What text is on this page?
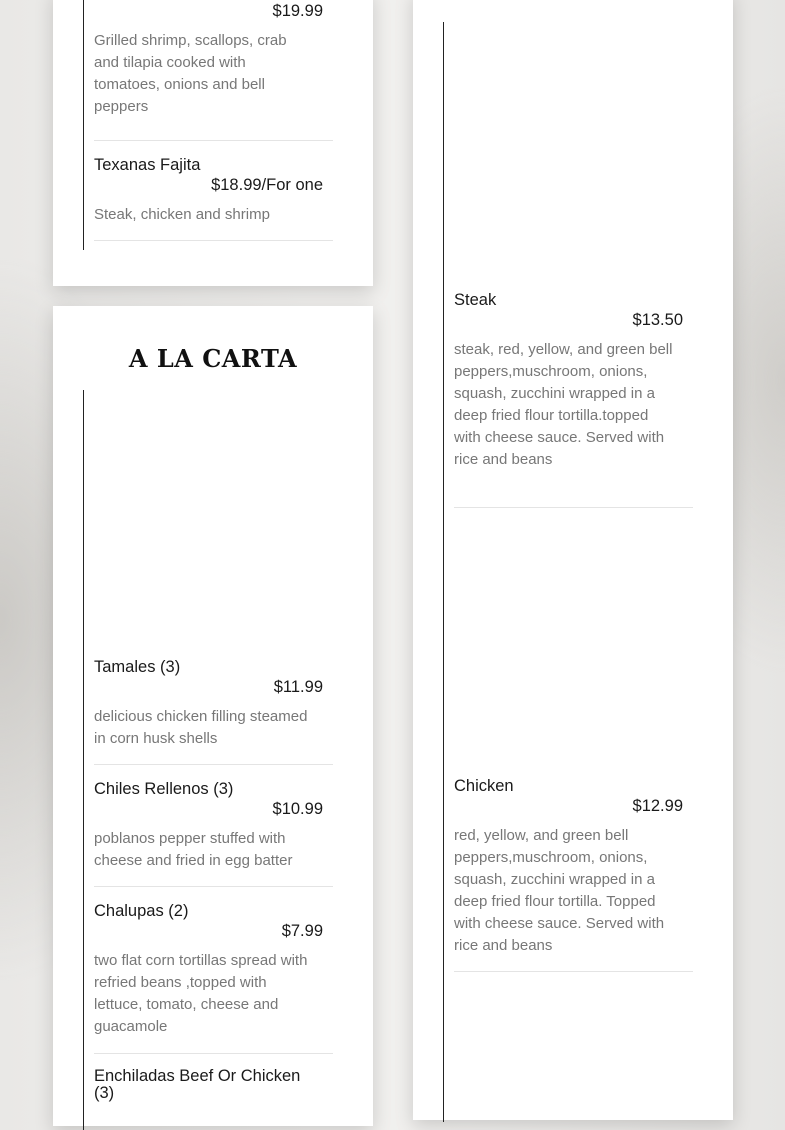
$19.99
Grilled shrimp, scallops, crab and tilapia cooked with tomatoes, onions and bell peppers
Texanas Fajita
$18.99/For one
Steak, chicken and shrimp
A LA CARTA
Tamales (3)
$11.99
delicious chicken filling steamed in corn husk shells
Chiles Rellenos (3)
$10.99
poblanos pepper stuffed with cheese and fried in egg batter
Chalupas (2)
$7.99
two flat corn tortillas spread with refried beans ,topped with lettuce, tomato, cheese and guacamole
Enchiladas Beef Or Chicken (3)
Steak
$13.50
steak, red, yellow, and green bell peppers,muschroom, onions, squash, zucchini wrapped in a deep fried flour tortilla.topped with cheese sauce. Served with rice and beans
Chicken
$12.99
red, yellow, and green bell peppers,muschroom, onions, squash, zucchini wrapped in a deep fried flour tortilla. Topped with cheese sauce. Served with rice and beans
